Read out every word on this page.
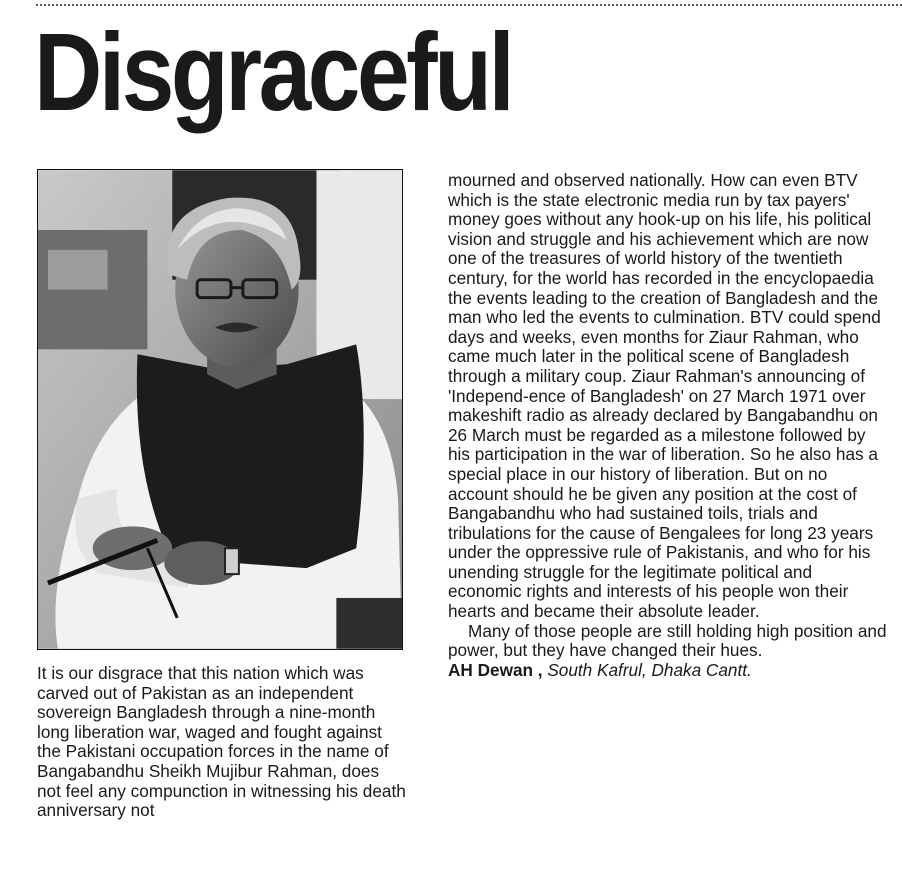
Disgraceful
It is our disgrace that this nation which was carved out of Pakistan as an independent sovereign Bangladesh through a nine-month long liberation war, waged and fought against the Pakistani occupation forces in the name of Bangabandhu Sheikh Mujibur Rahman, does not feel any compunction in witnessing his death anniversary not

mourned and observed nationally. How can even BTV which is the state electronic media run by tax payers' money goes without any hook-up on his life, his political vision and struggle and his achievement which are now one of the treasures of world history of the twentieth century, for the world has recorded in the encyclopaedia the events leading to the creation of Bangladesh and the man who led the events to culmination. BTV could spend days and weeks, even months for Ziaur Rahman, who came much later in the political scene of Bangladesh through a military coup. Ziaur Rahman's announcing of 'Independ-ence of Bangladesh' on 27 March 1971 over makeshift radio as already declared by Bangabandhu on 26 March must be regarded as a milestone followed by his participation in the war of liberation. So he also has a special place in our history of liberation. But on no account should he be given any position at the cost of Bangabandhu who had sustained toils, trials and tribulations for the cause of Bengalees for long 23 years under the oppressive rule of Pakistanis, and who for his unending struggle for the legitimate political and economic rights and interests of his people won their hearts and became their absolute leader.

Many of those people are still holding high position and power, but they have changed their hues.

AH Dewan , South Kafrul, Dhaka Cantt.
